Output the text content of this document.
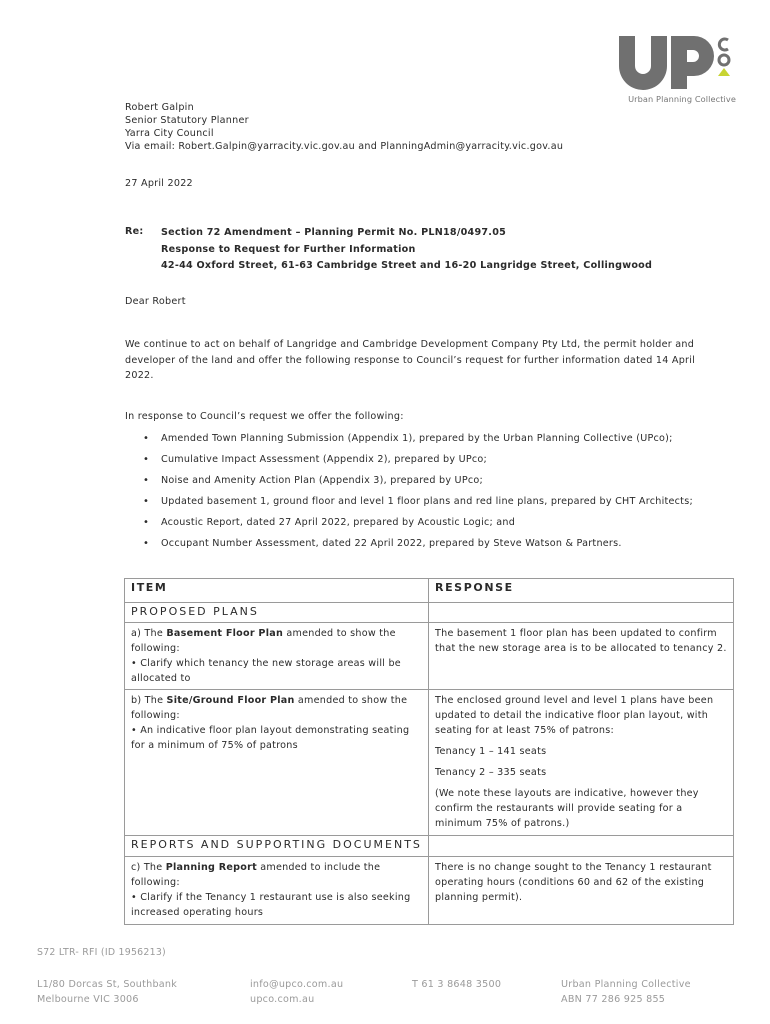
Urban Planning Collective
Robert Galpin
Senior Statutory Planner
Yarra City Council
Via email: Robert.Galpin@yarracity.vic.gov.au and PlanningAdmin@yarracity.vic.gov.au
27 April 2022
Re: Section 72 Amendment – Planning Permit No. PLN18/0497.05
Response to Request for Further Information
42-44 Oxford Street, 61-63 Cambridge Street and 16-20 Langridge Street, Collingwood
Dear Robert
We continue to act on behalf of Langridge and Cambridge Development Company Pty Ltd, the permit holder and developer of the land and offer the following response to Council’s request for further information dated 14 April 2022.
In response to Council’s request we offer the following:
• Amended Town Planning Submission (Appendix 1), prepared by the Urban Planning Collective (UPco);
• Cumulative Impact Assessment (Appendix 2), prepared by UPco;
• Noise and Amenity Action Plan (Appendix 3), prepared by UPco;
• Updated basement 1, ground floor and level 1 floor plans and red line plans, prepared by CHT Architects;
• Acoustic Report, dated 27 April 2022, prepared by Acoustic Logic; and
• Occupant Number Assessment, dated 22 April 2022, prepared by Steve Watson & Partners.
ITEM	RESPONSE
PROPOSED PLANS
a) The Basement Floor Plan amended to show the following:
• Clarify which tenancy the new storage areas will be allocated to
The basement 1 floor plan has been updated to confirm that the new storage area is to be allocated to tenancy 2.
b) The Site/Ground Floor Plan amended to show the following:
• An indicative floor plan layout demonstrating seating for a minimum of 75% of patrons

The enclosed ground level and level 1 plans have been updated to detail the indicative floor plan layout, with seating for at least 75% of patrons:

Tenancy 1 – 141 seats

Tenancy 2 – 335 seats

(We note these layouts are indicative, however they confirm the restaurants will provide seating for a minimum 75% of patrons.)

REPORTS AND SUPPORTING DOCUMENTS
c) The Planning Report amended to include the following:
• Clarify if the Tenancy 1 restaurant use is also seeking increased operating hours
There is no change sought to the Tenancy 1 restaurant operating hours (conditions 60 and 62 of the existing planning permit).
S72 LTR- RFI (ID 1956213)
L1/80 Dorcas St, Southbank
Melbourne VIC 3006
info@upco.com.au
upco.com.au
T 61 3 8648 3500	Urban Planning Collective
ABN 77 286 925 855
